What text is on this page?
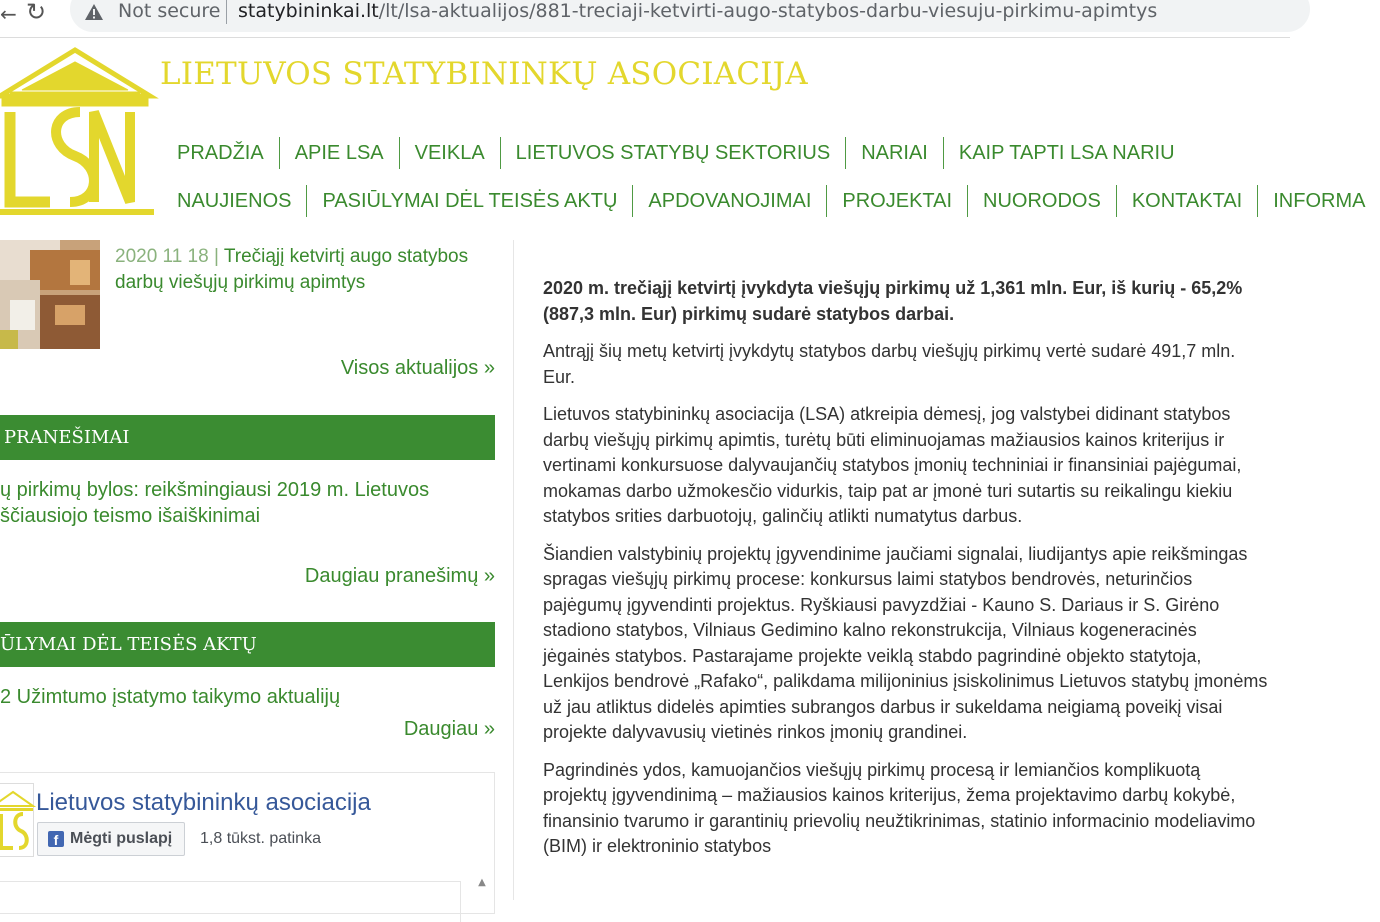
← ↻	Not secure statybininkai.lt/lt/lsa-aktualijos/881-treciaji-ketvirti-augo-statybos-darbu-viesuju-pirkimu-apimtys
LIETUVOS STATYBININKŲ ASOCIACIJA
PRADŽIA	APIE LSA	VEIKLA	LIETUVOS STATYBŲ SEKTORIUS	NARIAI	KAIP TAPTI LSA NARIU
NAUJIENOS	PASIŪLYMAI DĖL TEISĖS AKTŲ	APDOVANOJIMAI	PROJEKTAI	NUORODOS	KONTAKTAI	INFORMA
2020 11 18 | Trečiąjį ketvirtį augo statybos darbų viešųjų pirkimų apimtys
Visos aktualijos »
PRANEŠIMAI
ų pirkimų bylos: reikšmingiausi 2019 m. Lietuvos
ščiausiojo teismo išaiškinimai
Daugiau pranešimų »
ŪLYMAI DĖL TEISĖS AKTŲ
2 Užimtumo įstatymo taikymo aktualijų
Daugiau »
Lietuvos statybininkų asociacija
f Mėgti puslapį 1,8 tūkst. patinka
▲

2020 m. trečiąjį ketvirtį įvykdyta viešųjų pirkimų už 1,361 mln. Eur, iš kurių - 65,2% (887,3 mln. Eur) pirkimų sudarė statybos darbai.

Antrąjį šių metų ketvirtį įvykdytų statybos darbų viešųjų pirkimų vertė sudarė 491,7 mln. Eur.

Lietuvos statybininkų asociacija (LSA) atkreipia dėmesį, jog valstybei didinant statybos darbų viešųjų pirkimų apimtis, turėtų būti eliminuojamas mažiausios kainos kriterijus ir vertinami konkursuose dalyvaujančių statybos įmonių techniniai ir finansiniai pajėgumai, mokamas darbo užmokesčio vidurkis, taip pat ar įmonė turi sutartis su reikalingu kiekiu statybos srities darbuotojų, galinčių atlikti numatytus darbus.

Šiandien valstybinių projektų įgyvendinime jaučiami signalai, liudijantys apie reikšmingas spragas viešųjų pirkimų procese: konkursus laimi statybos bendrovės, neturinčios pajėgumų įgyvendinti projektus. Ryškiausi pavyzdžiai - Kauno S. Dariaus ir S. Girėno stadiono statybos, Vilniaus Gedimino kalno rekonstrukcija, Vilniaus kogeneracinės jėgainės statybos. Pastarajame projekte veiklą stabdo pagrindinė objekto statytoja, Lenkijos bendrovė „Rafako“, palikdama milijoninius įsiskolinimus Lietuvos statybų įmonėms už jau atliktus didelės apimties subrangos darbus ir sukeldama neigiamą poveikį visai projekte dalyvavusių vietinės rinkos įmonių grandinei.

Pagrindinės ydos, kamuojančios viešųjų pirkimų procesą ir lemiančios komplikuotą projektų įgyvendinimą – mažiausios kainos kriterijus, žema projektavimo darbų kokybė, finansinio tvarumo ir garantinių prievolių neužtikrinimas, statinio informacinio modeliavimo (BIM) ir elektroninio statybos
